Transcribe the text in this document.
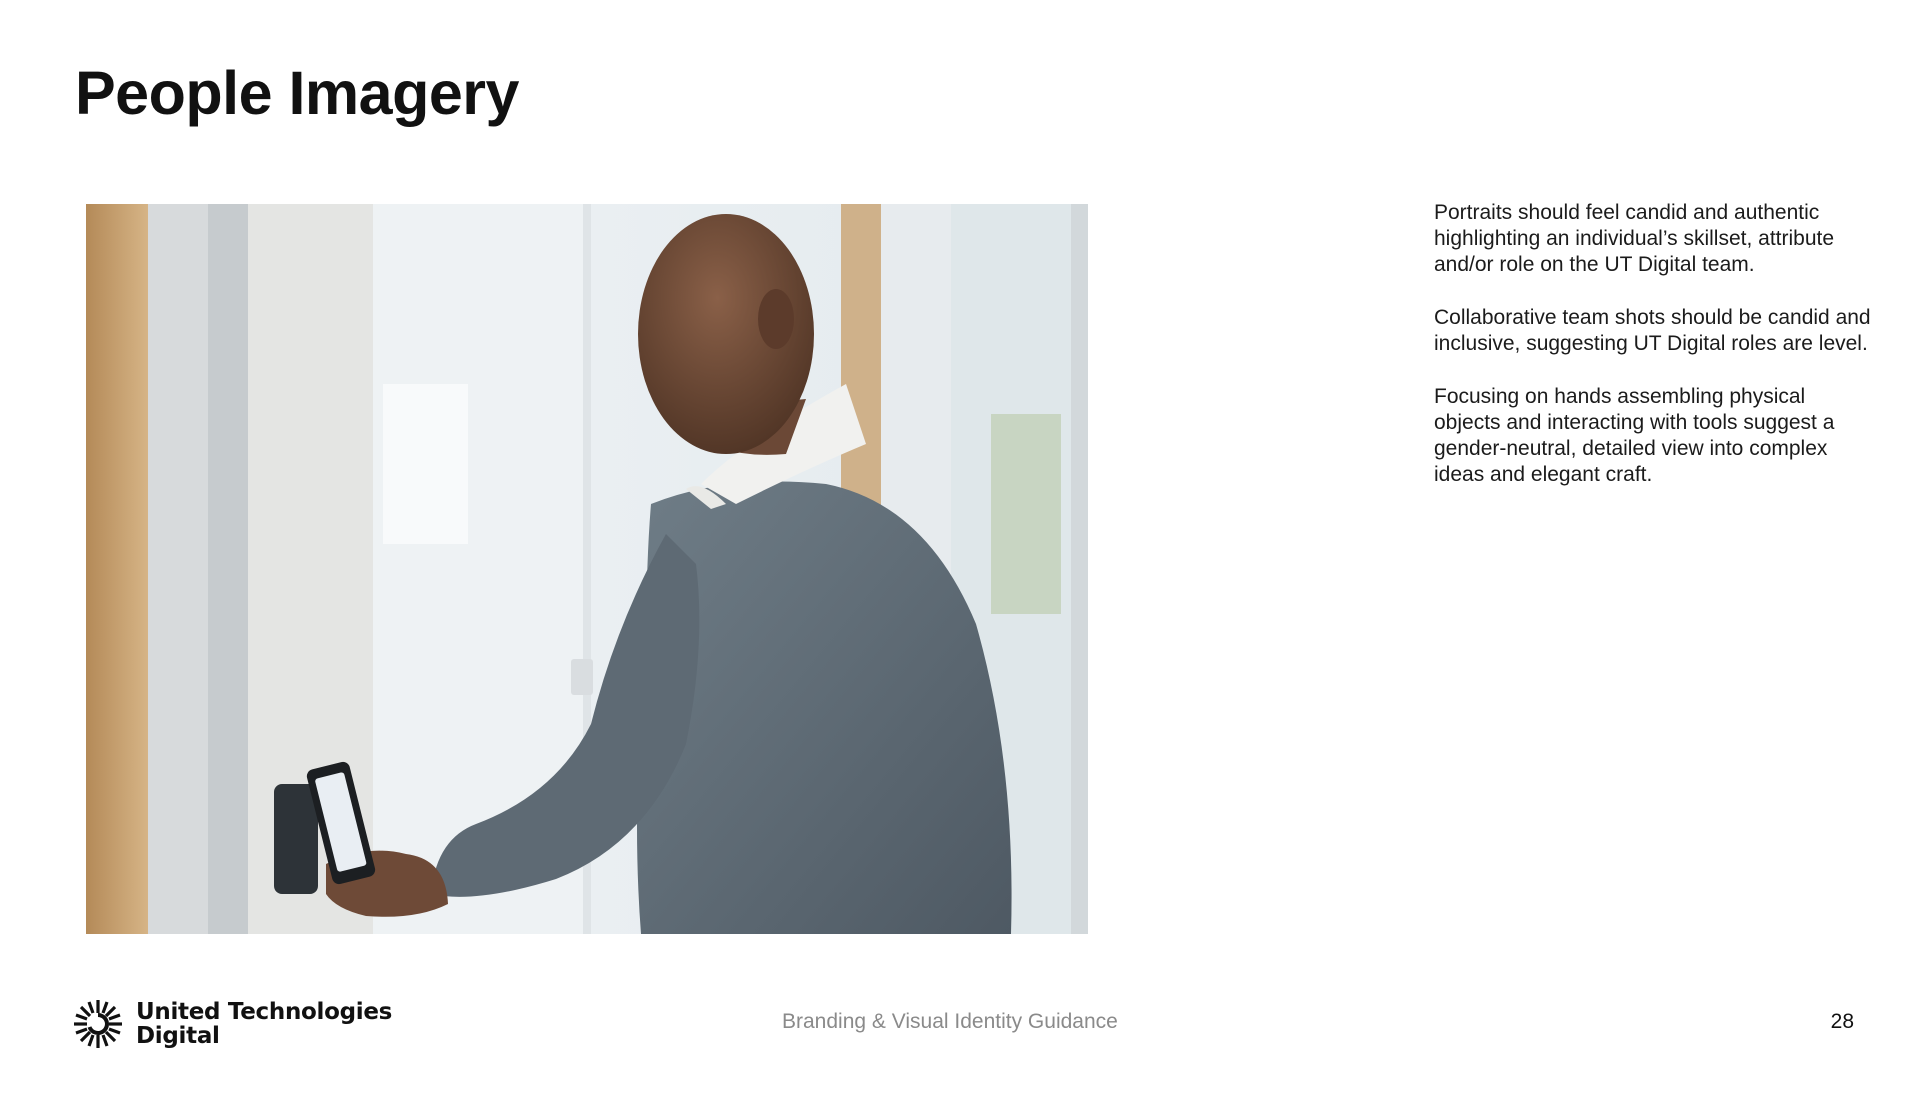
People Imagery

Portraits should feel candid and authentic highlighting an individual’s skillset, attribute and/or role on the UT Digital team.

Collaborative team shots should be candid and inclusive, suggesting UT Digital roles are level.

Focusing on hands assembling physical objects and interacting with tools suggest a gender-neutral, detailed view into complex ideas and elegant craft.

United Technologies
Digital
Branding & Visual Identity Guidance	28
